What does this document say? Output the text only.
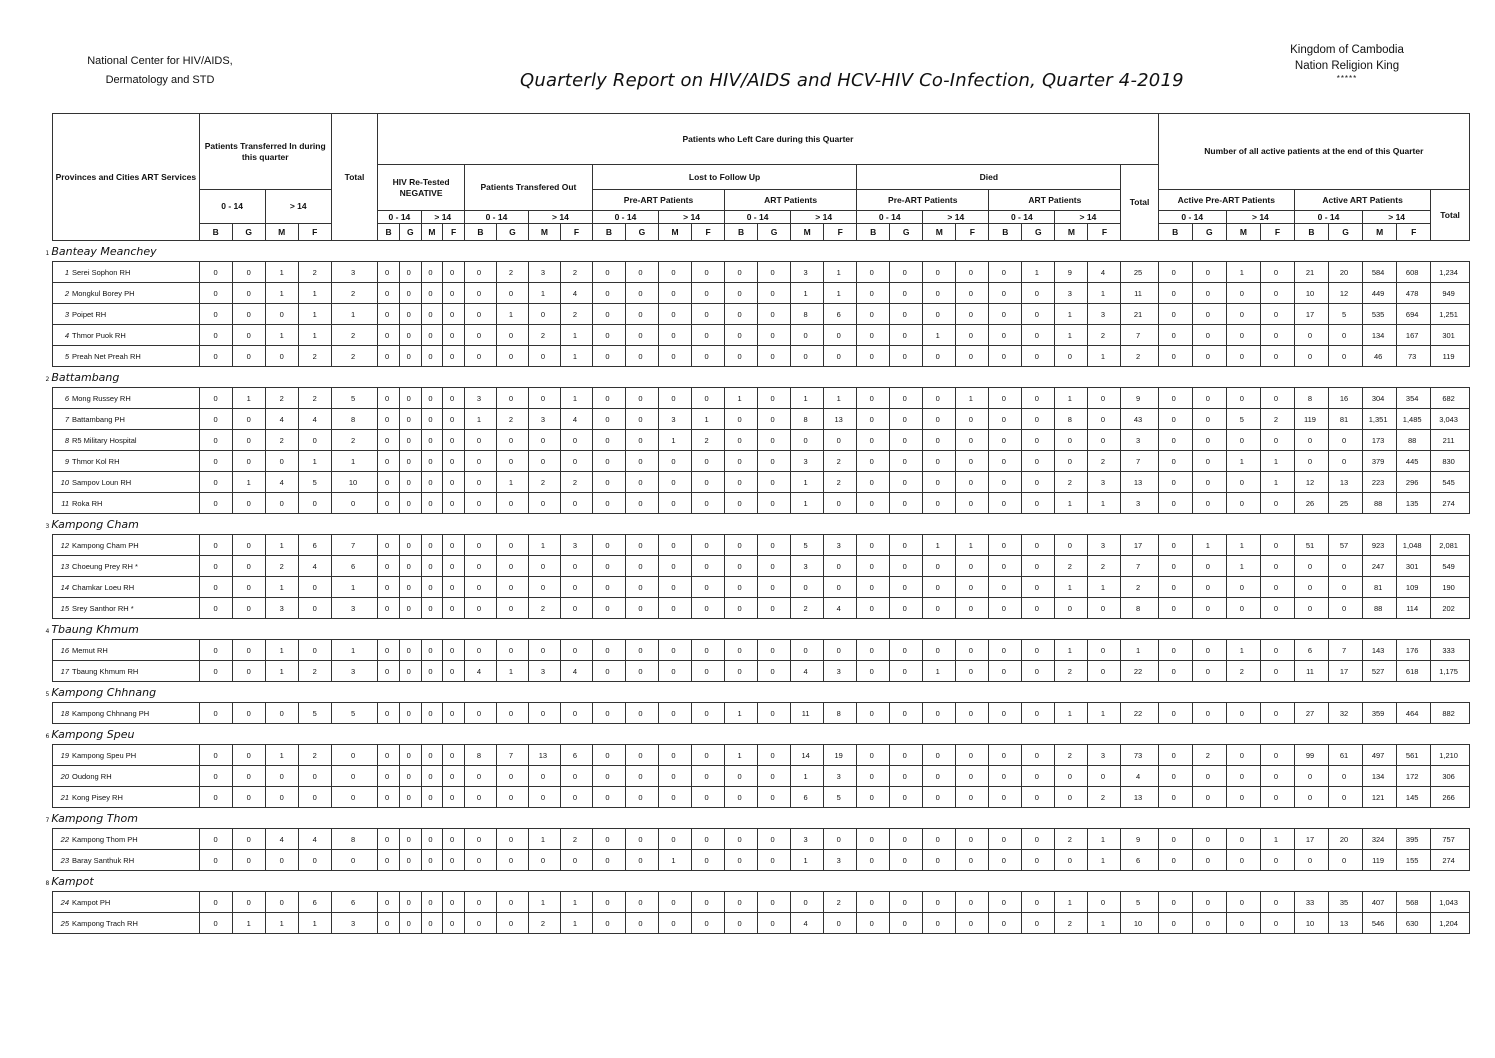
National Center for HIV/AIDS,
Dermatology and STD
Kingdom of Cambodia
Nation Religion King
*****
Quarterly Report on HIV/AIDS and HCV-HIV Co-Infection, Quarter 4-2019
Provinces and Cities ART Services	Patients Transferred In during this quarter				Total	Patients who Left Care during this Quarter																									Number of all active patients at the end of this Quarter								
						HIV Re-Tested NEGATIVE				Patients Transfered Out				Lost to Follow Up								Died								Total									
	0 - 14		> 14											Pre-ART Patients				ART Patients				Pre-ART Patients				ART Patients					Active Pre-ART Patients				Active ART Patients				Total
						0 - 14		> 14		0 - 14		> 14		0 - 14		> 14		0 - 14		> 14		0 - 14		> 14		0 - 14		> 14			0 - 14		> 14		0 - 14		> 14		
	B	G	M	F		B	G	M	F	B	G	M	F	B	G	M	F	B	G	M	F	B	G	M	F	B	G	M	F		B	G	M	F	B	G	M	F	
1 Banteay Meanchey																																							
1 Serei Sophon RH	0	0	1	2	3	0	0	0	0	0	2	3	2	0	0	0	0	0	0	3	1	0	0	0	0	0	1	9	4	25	0	0	1	0	21	20	584	608	1,234
2 Mongkul Borey PH	0	0	1	1	2	0	0	0	0	0	0	1	4	0	0	0	0	0	0	1	1	0	0	0	0	0	0	3	1	11	0	0	0	0	10	12	449	478	949
3 Poipet RH	0	0	0	1	1	0	0	0	0	0	1	0	2	0	0	0	0	0	0	8	6	0	0	0	0	0	0	1	3	21	0	0	0	0	17	5	535	694	1,251
4 Thmor Puok RH	0	0	1	1	2	0	0	0	0	0	0	2	1	0	0	0	0	0	0	0	0	0	0	1	0	0	0	1	2	7	0	0	0	0	0	0	134	167	301
5 Preah Net Preah RH	0	0	0	2	2	0	0	0	0	0	0	0	1	0	0	0	0	0	0	0	0	0	0	0	0	0	0	0	1	2	0	0	0	0	0	0	46	73	119
2 Battambang																																							
6 Mong Russey RH	0	1	2	2	5	0	0	0	0	3	0	0	1	0	0	0	0	1	0	1	1	0	0	0	1	0	0	1	0	9	0	0	0	0	8	16	304	354	682
7 Battambang PH	0	0	4	4	8	0	0	0	0	1	2	3	4	0	0	3	1	0	0	8	13	0	0	0	0	0	0	8	0	43	0	0	5	2	119	81	1,351	1,485	3,043
8 R5 Military Hospital	0	0	2	0	2	0	0	0	0	0	0	0	0	0	0	1	2	0	0	0	0	0	0	0	0	0	0	0	0	3	0	0	0	0	0	0	173	88	211
9 Thmor Kol RH	0	0	0	1	1	0	0	0	0	0	0	0	0	0	0	0	0	0	0	3	2	0	0	0	0	0	0	0	2	7	0	0	1	1	0	0	379	445	830
10 Sampov Loun RH	0	1	4	5	10	0	0	0	0	0	1	2	2	0	0	0	0	0	0	1	2	0	0	0	0	0	0	2	3	13	0	0	0	1	12	13	223	296	545
11 Roka RH	0	0	0	0	0	0	0	0	0	0	0	0	0	0	0	0	0	0	0	1	0	0	0	0	0	0	0	1	1	3	0	0	0	0	26	25	88	135	274
3 Kampong Cham																																							
12 Kampong Cham PH	0	0	1	6	7	0	0	0	0	0	0	1	3	0	0	0	0	0	0	5	3	0	0	1	1	0	0	0	3	17	0	1	1	0	51	57	923	1,048	2,081
13 Choeung Prey RH *	0	0	2	4	6	0	0	0	0	0	0	0	0	0	0	0	0	0	0	3	0	0	0	0	0	0	0	2	2	7	0	0	1	0	0	0	247	301	549
14 Chamkar Loeu RH	0	0	1	0	1	0	0	0	0	0	0	0	0	0	0	0	0	0	0	0	0	0	0	0	0	0	0	1	1	2	0	0	0	0	0	0	81	109	190
15 Srey Santhor RH *	0	0	3	0	3	0	0	0	0	0	0	2	0	0	0	0	0	0	0	2	4	0	0	0	0	0	0	0	0	8	0	0	0	0	0	0	88	114	202
4 Tbaung Khmum																																							
16 Memut RH	0	0	1	0	1	0	0	0	0	0	0	0	0	0	0	0	0	0	0	0	0	0	0	0	0	0	0	1	0	1	0	0	1	0	6	7	143	176	333
17 Tbaung Khmum RH	0	0	1	2	3	0	0	0	0	4	1	3	4	0	0	0	0	0	0	4	3	0	0	1	0	0	0	2	0	22	0	0	2	0	11	17	527	618	1,175
5 Kampong Chhnang																																							
18 Kampong Chhnang PH	0	0	0	5	5	0	0	0	0	0	0	0	0	0	0	0	0	1	0	11	8	0	0	0	0	0	0	1	1	22	0	0	0	0	27	32	359	464	882
6 Kampong Speu																																							
19 Kampong Speu PH	0	0	1	2	0	0	0	0	0	8	7	13	6	0	0	0	0	1	0	14	19	0	0	0	0	0	0	2	3	73	0	2	0	0	99	61	497	561	1,210
20 Oudong RH	0	0	0	0	0	0	0	0	0	0	0	0	0	0	0	0	0	0	0	1	3	0	0	0	0	0	0	0	0	4	0	0	0	0	0	0	134	172	306
21 Kong Pisey RH	0	0	0	0	0	0	0	0	0	0	0	0	0	0	0	0	0	0	0	6	5	0	0	0	0	0	0	0	2	13	0	0	0	0	0	0	121	145	266
7 Kampong Thom																																							
22 Kampong Thom PH	0	0	4	4	8	0	0	0	0	0	0	1	2	0	0	0	0	0	0	3	0	0	0	0	0	0	0	2	1	9	0	0	0	1	17	20	324	395	757
23 Baray Santhuk RH	0	0	0	0	0	0	0	0	0	0	0	0	0	0	0	1	0	0	0	1	3	0	0	0	0	0	0	0	1	6	0	0	0	0	0	0	119	155	274
8 Kampot																																							
24 Kampot PH	0	0	0	6	6	0	0	0	0	0	0	1	1	0	0	0	0	0	0	0	2	0	0	0	0	0	0	1	0	5	0	0	0	0	33	35	407	568	1,043
25 Kampong Trach RH	0	1	1	1	3	0	0	0	0	0	0	2	1	0	0	0	0	0	0	4	0	0	0	0	0	0	0	2	1	10	0	0	0	0	10	13	546	630	1,204
